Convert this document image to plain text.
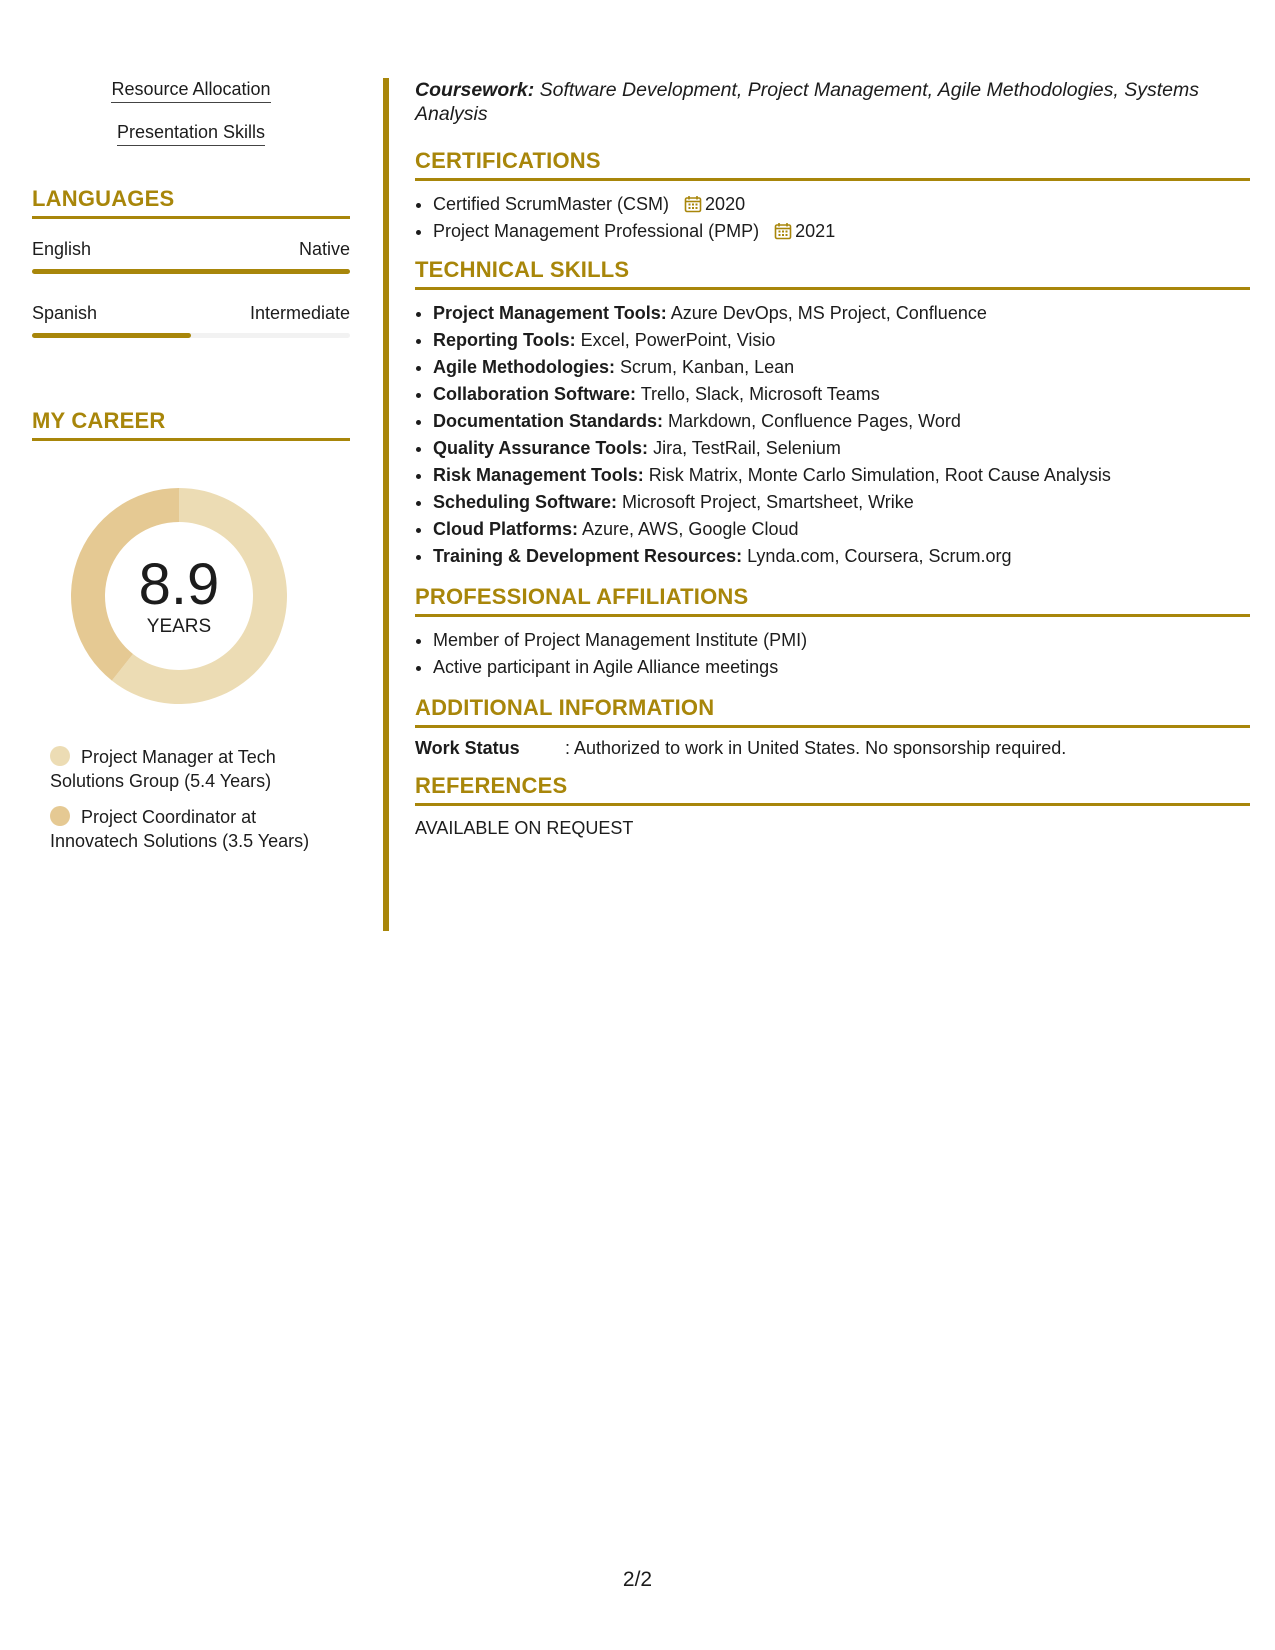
Resource Allocation
Presentation Skills
LANGUAGES
English	Native
Spanish	Intermediate
MY CAREER
8.9
YEARS
Project Manager at Tech Solutions Group (5.4 Years)
Project Coordinator at Innovatech Solutions (3.5 Years)

Coursework: Software Development, Project Management, Agile Methodologies, Systems Analysis

CERTIFICATIONS
• Certified ScrumMaster (CSM) 2020
• Project Management Professional (PMP) 2021
TECHNICAL SKILLS
• Project Management Tools: Azure DevOps, MS Project, Confluence
• Reporting Tools: Excel, PowerPoint, Visio
• Agile Methodologies: Scrum, Kanban, Lean
• Collaboration Software: Trello, Slack, Microsoft Teams
• Documentation Standards: Markdown, Confluence Pages, Word
• Quality Assurance Tools: Jira, TestRail, Selenium
• Risk Management Tools: Risk Matrix, Monte Carlo Simulation, Root Cause Analysis
• Scheduling Software: Microsoft Project, Smartsheet, Wrike
• Cloud Platforms: Azure, AWS, Google Cloud
• Training & Development Resources: Lynda.com, Coursera, Scrum.org
PROFESSIONAL AFFILIATIONS
• Member of Project Management Institute (PMI)
• Active participant in Agile Alliance meetings
ADDITIONAL INFORMATION
Work Status	: Authorized to work in United States. No sponsorship required.
REFERENCES
AVAILABLE ON REQUEST
2/2
